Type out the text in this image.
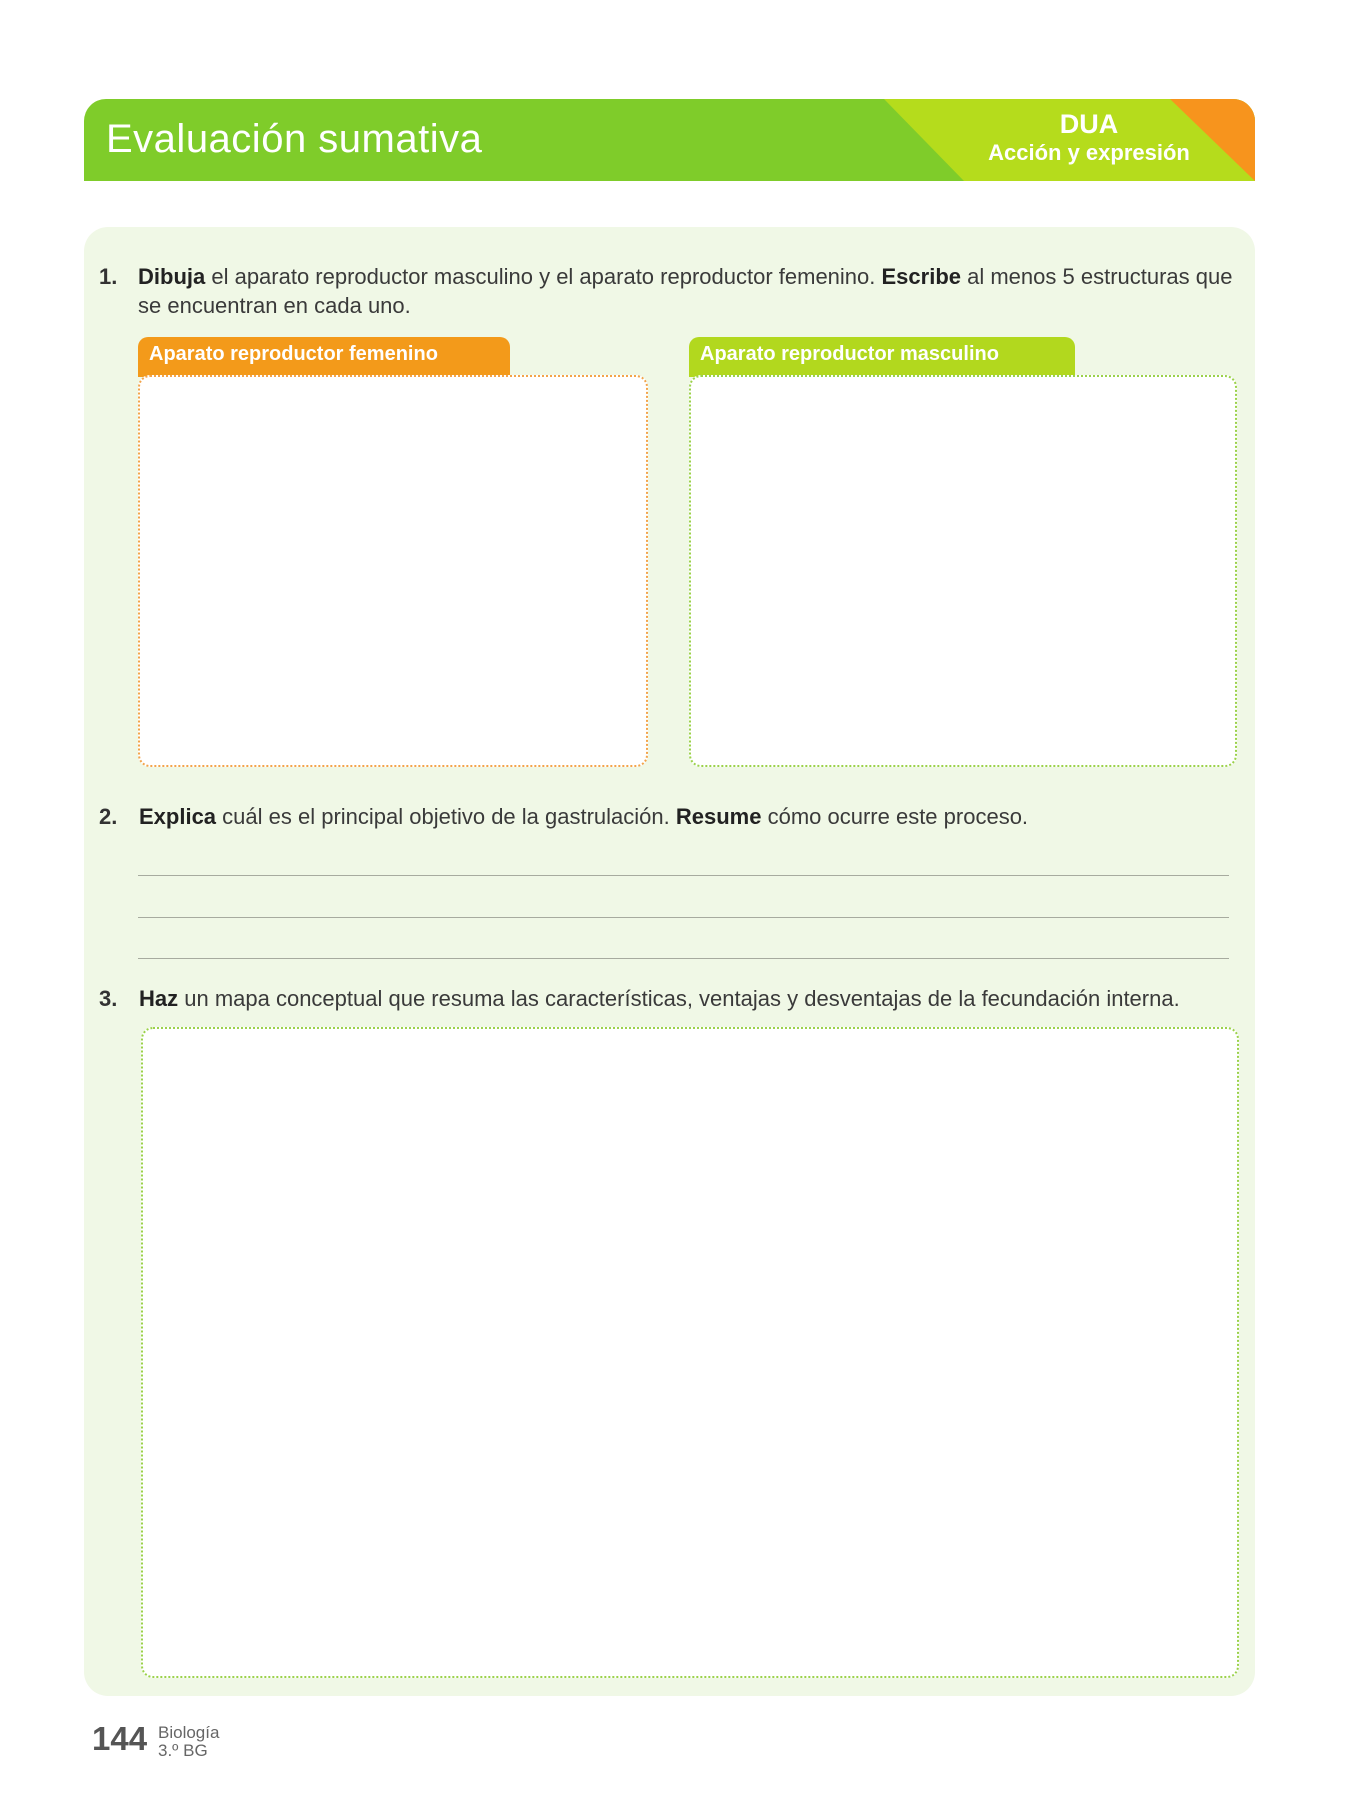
Evaluación sumativa	DUA
Acción y expresión
1. Dibuja el aparato reproductor masculino y el aparato reproductor femenino. Escribe al menos 5 estructuras que se encuentran en cada uno.
Aparato reproductor femenino	Aparato reproductor masculino
2. Explica cuál es el principal objetivo de la gastrulación. Resume cómo ocurre este proceso.
3. Haz un mapa conceptual que resuma las características, ventajas y desventajas de la fecundación interna.
144 Biología
3.º BG
